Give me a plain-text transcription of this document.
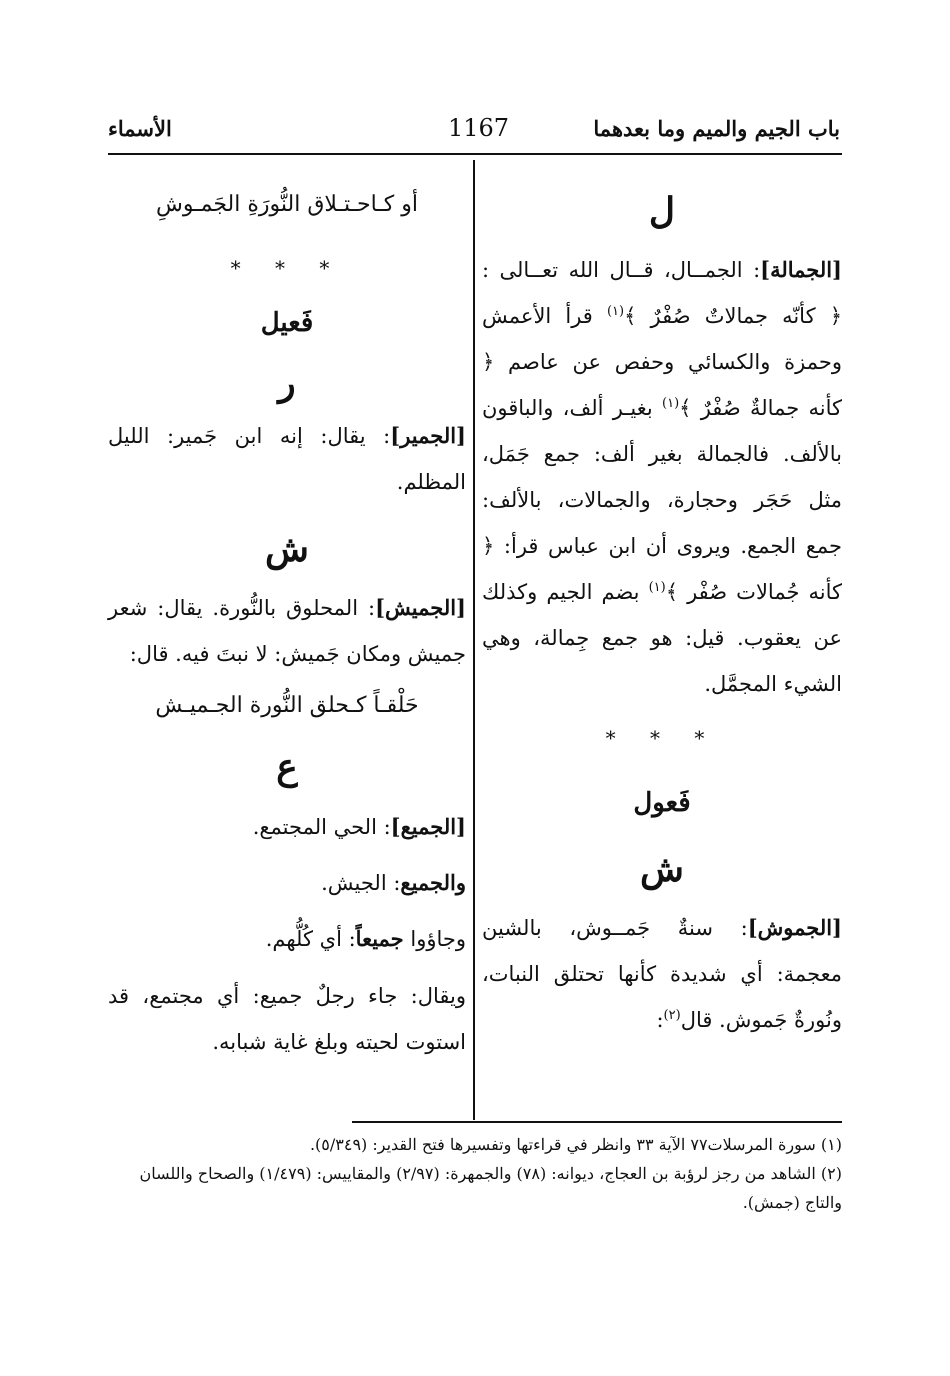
باب الجيم والميم وما بعدهما
1167
الأسماء
ل
[الجمالة]: الجمــال، قــال الله تعــالى : ﴿ كأنّه جمالاتٌ صُفْرٌ ﴾$^{(١)}$ قرأ الأعمش وحمزة والكسائي وحفص عن عاصم ﴿ كأنه جمالةٌ صُفْرٌ ﴾$^{(١)}$ بغيـر ألف، والباقون بالألف. فالجمالة بغير ألف: جمع جَمَل، مثل حَجَر وحجارة، والجمالات، بالألف: جمع الجمع. ويروى أن ابن عباس قرأ: ﴿ كأنه جُمالات صُفْر ﴾$^{(١)}$ بضم الجيم وكذلك عن يعقوب. قيل: هو جمع جِمالة، وهي الشيء المجمَّل.
* * *
فَعول
ش
[الجموش]: سنةٌ جَمــوش، بالشين معجمة: أي شديدة كأنها تحتلق النبات، ونُورةٌ جَموش. قال$^{(٢)}$:
أو كـاحـتـلاق النُّورَةِ الجَمـوشِ
* * *
فَعيل
ر
[الجمير]: يقال: إنه ابن جَمير: الليل المظلم.
ش
[الجميش]: المحلوق بالنُّورة. يقال: شعر جميش ومكان جَميش: لا نبتَ فيه. قال:
حَلْقـاً كـحلق النُّورة الجـميـش
ع
[الجميع]: الحي المجتمع.
والجميع: الجيش.
وجاؤوا جميعاً: أي كُلُّهم.
ويقال: جاء رجلٌ جميع: أي مجتمع، قد استوت لحيته وبلغ غاية شبابه.
(١) سورة المرسلات٧٧ الآية ٣٣ وانظر في قراءتها وتفسيرها فتح القدير: (٥/٣٤٩).
(٢) الشاهد من رجز لرؤبة بن العجاج، ديوانه: (٧٨) والجمهرة: (٢/٩٧) والمقاييس: (١/٤٧٩) والصحاح واللسان والتاج (جمش).
